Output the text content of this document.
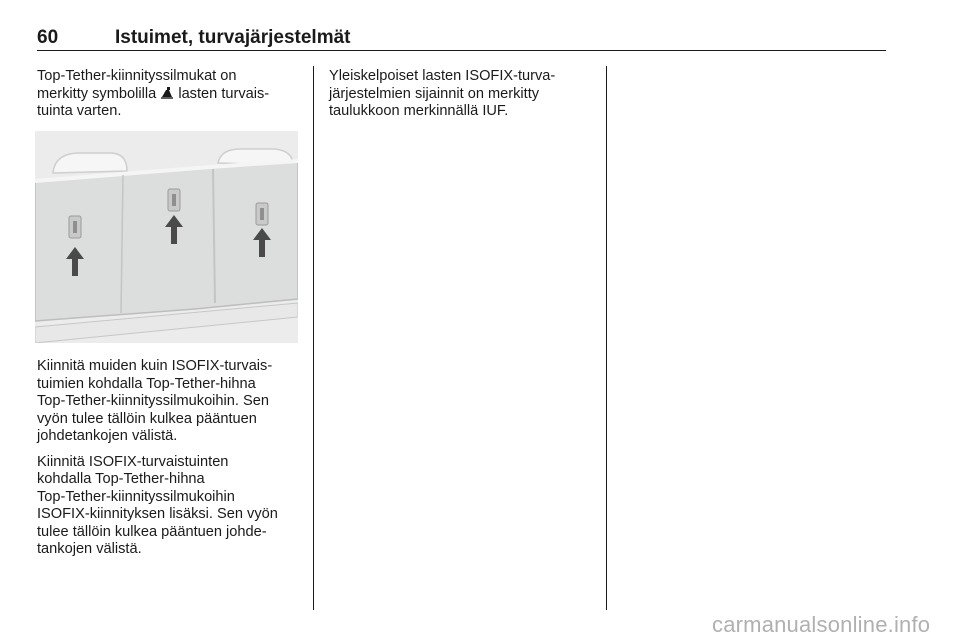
60	Istuimet, turvajärjestelmät

Top-Tether-kiinnityssilmukat on
merkitty symbolilla lasten turvais-
tuinta varten.

Kiinnitä muiden kuin ISOFIX-turvais-
tuimien kohdalla Top-Tether-hihna
Top-Tether-kiinnityssilmukoihin. Sen
vyön tulee tällöin kulkea pääntuen
johdetankojen välistä.

Kiinnitä ISOFIX-turvaistuinten
kohdalla Top-Tether-hihna
Top-Tether-kiinnityssilmukoihin
ISOFIX-kiinnityksen lisäksi. Sen vyön
tulee tällöin kulkea pääntuen johde-
tankojen välistä.

Yleiskelpoiset lasten ISOFIX-turva-
järjestelmien sijainnit on merkitty
taulukkoon merkinnällä IUF.

carmanualsonline.info
